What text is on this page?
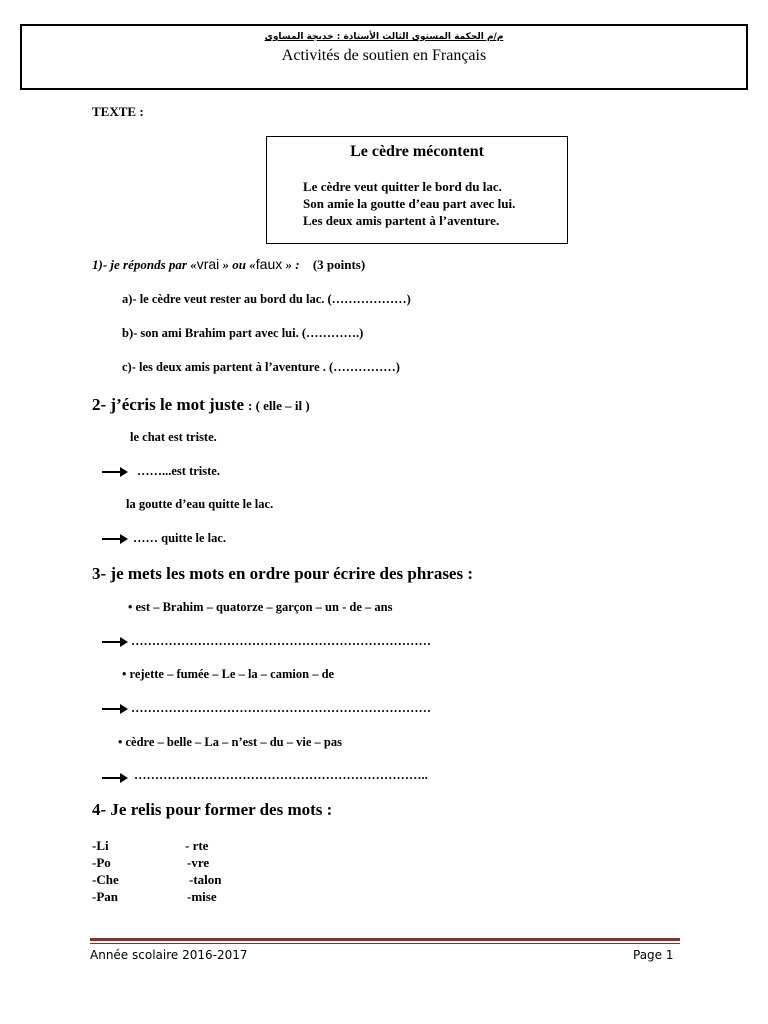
م/م الحكمة المستوى الثالث الأستاذة : خديجة المساوي
Activités de soutien en Français
TEXTE :
Le cèdre mécontent
Le cèdre veut quitter le bord du lac.
Son amie la goutte d’eau part avec lui.
Les deux amis partent à l’aventure.
1)- je réponds par «vrai » ou «faux » : (3 points)
a)- le cèdre veut rester au bord du lac. (………………)
b)- son ami Brahim part avec lui. (………….)
c)- les deux amis partent à l’aventure . (……………)
2- j’écris le mot juste : ( elle – il )
le chat est triste.
……...est triste.
la goutte d’eau quitte le lac.
…… quitte le lac.
3- je mets les mots en ordre pour écrire des phrases :
• est – Brahim – quatorze – garçon – un - de – ans
………………………………………………………………
• rejette – fumée – Le – la – camion – de
………………………………………………………………
• cèdre – belle – La – n’est – du – vie – pas
……………………………………………………………..
4- Je relis pour former des mots :
-Li
-Po
-Che
-Pan
- rte
-vre
-talon
-mise
Année scolaire 2016-2017	Page 1
